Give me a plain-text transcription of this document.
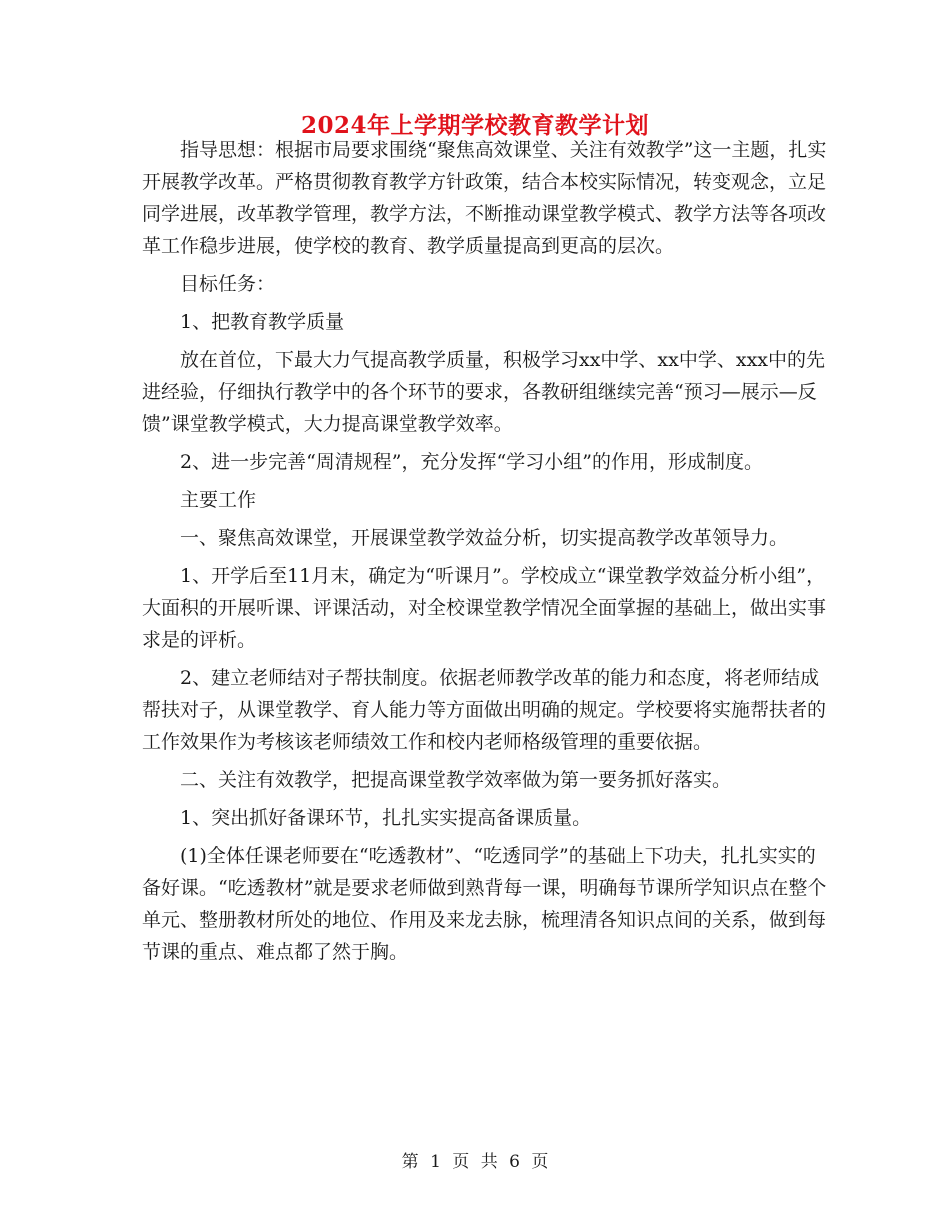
2024年上学期学校教育教学计划

指导思想：根据市局要求围绕“聚焦高效课堂、关注有效教学”这一主题，扎实开展教学改革。严格贯彻教育教学方针政策，结合本校实际情况，转变观念，立足同学进展，改革教学管理，教学方法，不断推动课堂教学模式、教学方法等各项改革工作稳步进展，使学校的教育、教学质量提高到更高的层次。

目标任务：

1、把教育教学质量

放在首位，下最大力气提高教学质量，积极学习xx中学、xx中学、xxx中的先进经验，仔细执行教学中的各个环节的要求，各教研组继续完善“预习—展示—反馈”课堂教学模式，大力提高课堂教学效率。

2、进一步完善“周清规程”，充分发挥“学习小组”的作用，形成制度。

主要工作

一、聚焦高效课堂，开展课堂教学效益分析，切实提高教学改革领导力。

1、开学后至11月末，确定为“听课月”。学校成立“课堂教学效益分析小组”，大面积的开展听课、评课活动，对全校课堂教学情况全面掌握的基础上，做出实事求是的评析。

2、建立老师结对子帮扶制度。依据老师教学改革的能力和态度，将老师结成帮扶对子，从课堂教学、育人能力等方面做出明确的规定。学校要将实施帮扶者的工作效果作为考核该老师绩效工作和校内老师格级管理的重要依据。

二、关注有效教学，把提高课堂教学效率做为第一要务抓好落实。

1、突出抓好备课环节，扎扎实实提高备课质量。

(1)全体任课老师要在“吃透教材”、“吃透同学”的基础上下功夫，扎扎实实的备好课。“吃透教材”就是要求老师做到熟背每一课，明确每节课所学知识点在整个单元、整册教材所处的地位、作用及来龙去脉，梳理清各知识点间的关系，做到每节课的重点、难点都了然于胸。

第 1 页 共 6 页
